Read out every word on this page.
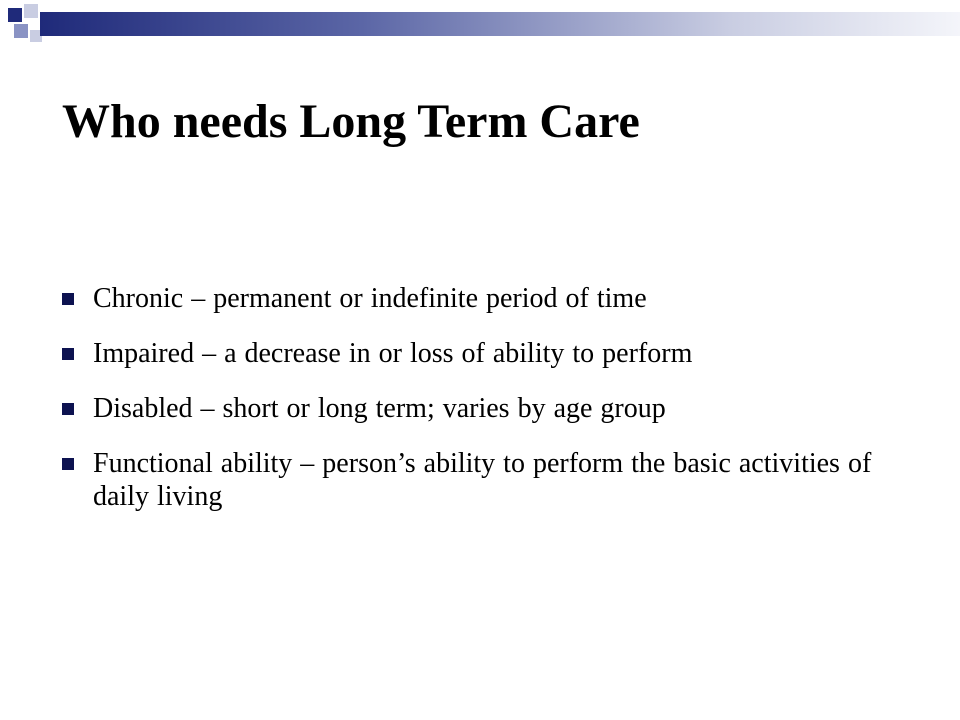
Who needs Long Term Care
Chronic – permanent or indefinite period of time
Impaired – a decrease in or loss of ability to perform
Disabled – short or long term; varies by age group
Functional ability – person’s ability to perform the basic activities of daily living
